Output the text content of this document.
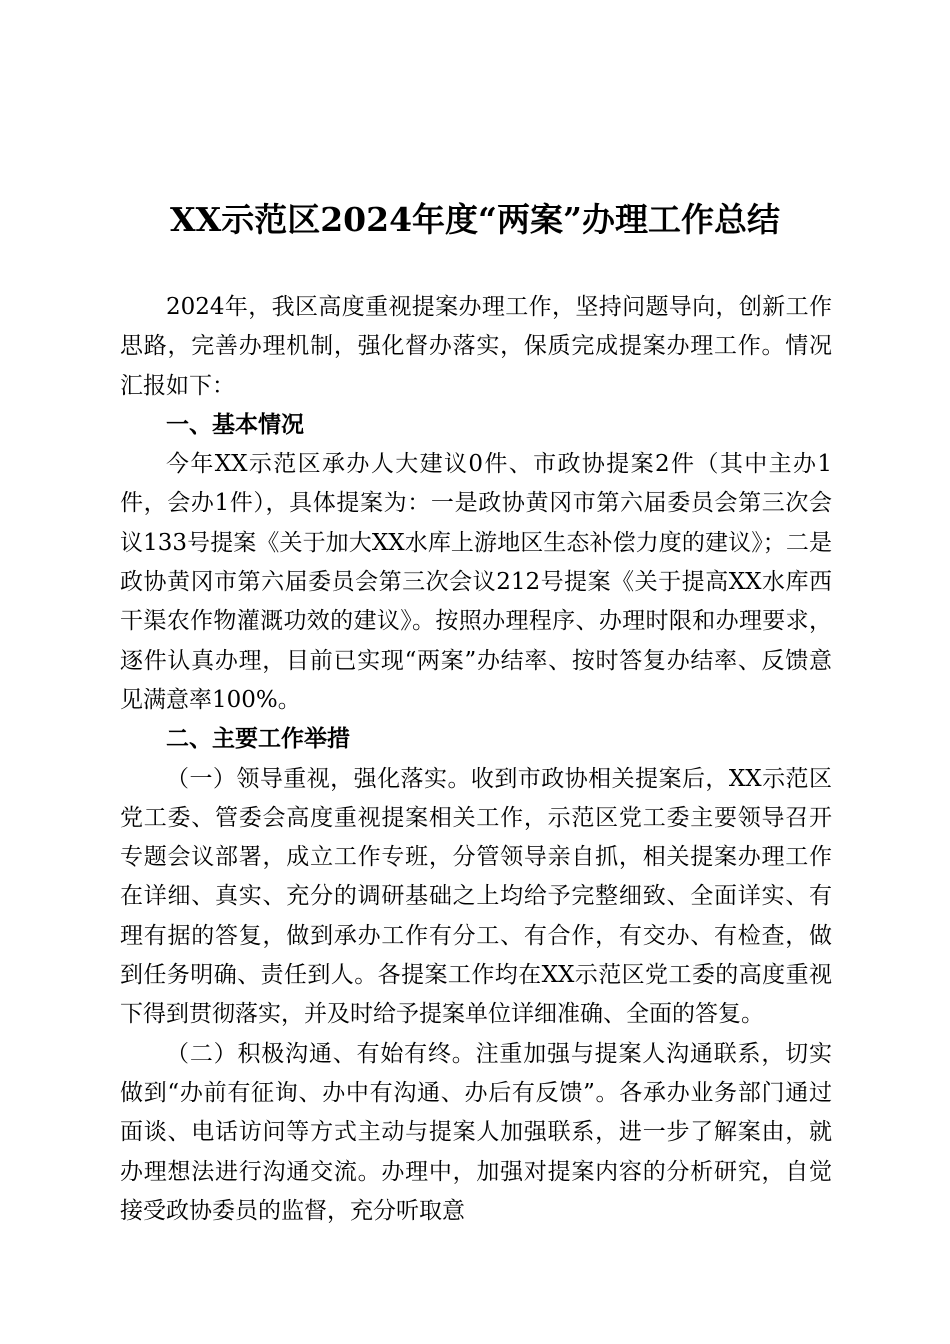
XX示范区2024年度“两案”办理工作总结

2024年，我区高度重视提案办理工作，坚持问题导向，创新工作思路，完善办理机制，强化督办落实，保质完成提案办理工作。情况汇报如下：

一、基本情况

今年XX示范区承办人大建议0件、市政协提案2件（其中主办1件，会办1件），具体提案为：一是政协黄冈市第六届委员会第三次会议133号提案《关于加大XX水库上游地区生态补偿力度的建议》；二是政协黄冈市第六届委员会第三次会议212号提案《关于提高XX水库西干渠农作物灌溉功效的建议》。按照办理程序、办理时限和办理要求，逐件认真办理，目前已实现“两案”办结率、按时答复办结率、反馈意见满意率100%。

二、主要工作举措

（一）领导重视，强化落实。收到市政协相关提案后，XX示范区党工委、管委会高度重视提案相关工作，示范区党工委主要领导召开专题会议部署，成立工作专班，分管领导亲自抓，相关提案办理工作在详细、真实、充分的调研基础之上均给予完整细致、全面详实、有理有据的答复，做到承办工作有分工、有合作，有交办、有检查，做到任务明确、责任到人。各提案工作均在XX示范区党工委的高度重视下得到贯彻落实，并及时给予提案单位详细准确、全面的答复。

（二）积极沟通、有始有终。注重加强与提案人沟通联系，切实做到“办前有征询、办中有沟通、办后有反馈”。各承办业务部门通过面谈、电话访问等方式主动与提案人加强联系，进一步了解案由，就办理想法进行沟通交流。办理中，加强对提案内容的分析研究，自觉接受政协委员的监督，充分听取意
